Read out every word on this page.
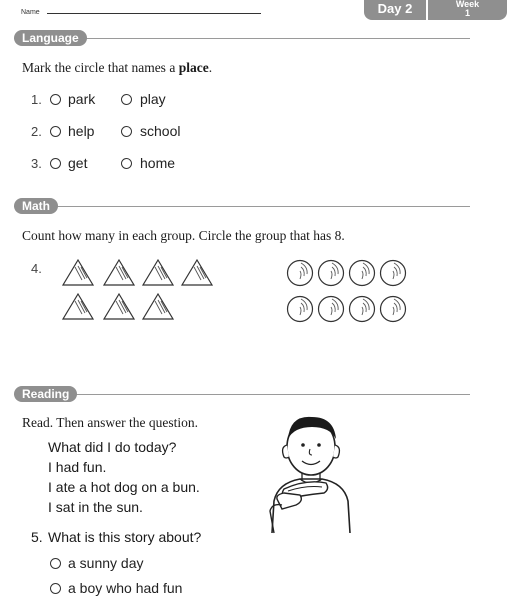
Name	Day 2	Week
1
Language
Mark the circle that names a place.
1. park	play
2. help	school
3. get	home
Math
Count how many in each group. Circle the group that has 8.
4.
Reading
Read. Then answer the question.
What did I do today?
I had fun.
I ate a hot dog on a bun.
I sat in the sun.
5. What is this story about?
a sunny day
a boy who had fun
